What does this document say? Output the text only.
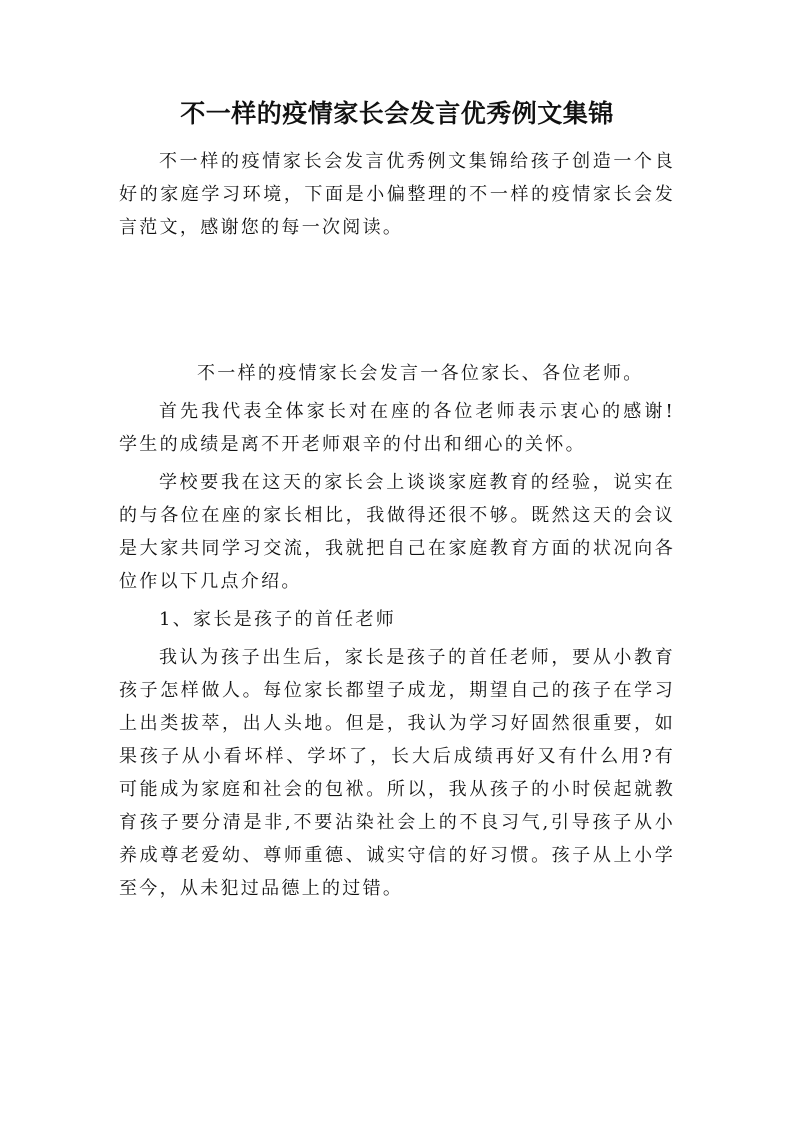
不一样的疫情家长会发言优秀例文集锦

不一样的疫情家长会发言优秀例文集锦给孩子创造一个良好的家庭学习环境，下面是小偏整理的不一样的疫情家长会发言范文，感谢您的每一次阅读。

不一样的疫情家长会发言一各位家长、各位老师。

首先我代表全体家长对在座的各位老师表示衷心的感谢!学生的成绩是离不开老师艰辛的付出和细心的关怀。

学校要我在这天的家长会上谈谈家庭教育的经验，说实在的与各位在座的家长相比，我做得还很不够。既然这天的会议是大家共同学习交流，我就把自己在家庭教育方面的状况向各位作以下几点介绍。

1、家长是孩子的首任老师

我认为孩子出生后，家长是孩子的首任老师，要从小教育孩子怎样做人。每位家长都望子成龙，期望自己的孩子在学习上出类拔萃，出人头地。但是，我认为学习好固然很重要，如果孩子从小看坏样、学坏了，长大后成绩再好又有什么用?有可能成为家庭和社会的包袱。所以，我从孩子的小时侯起就教育孩子要分清是非,不要沾染社会上的不良习气,引导孩子从小养成尊老爱幼、尊师重德、诚实守信的好习惯。孩子从上小学至今，从未犯过品德上的过错。
